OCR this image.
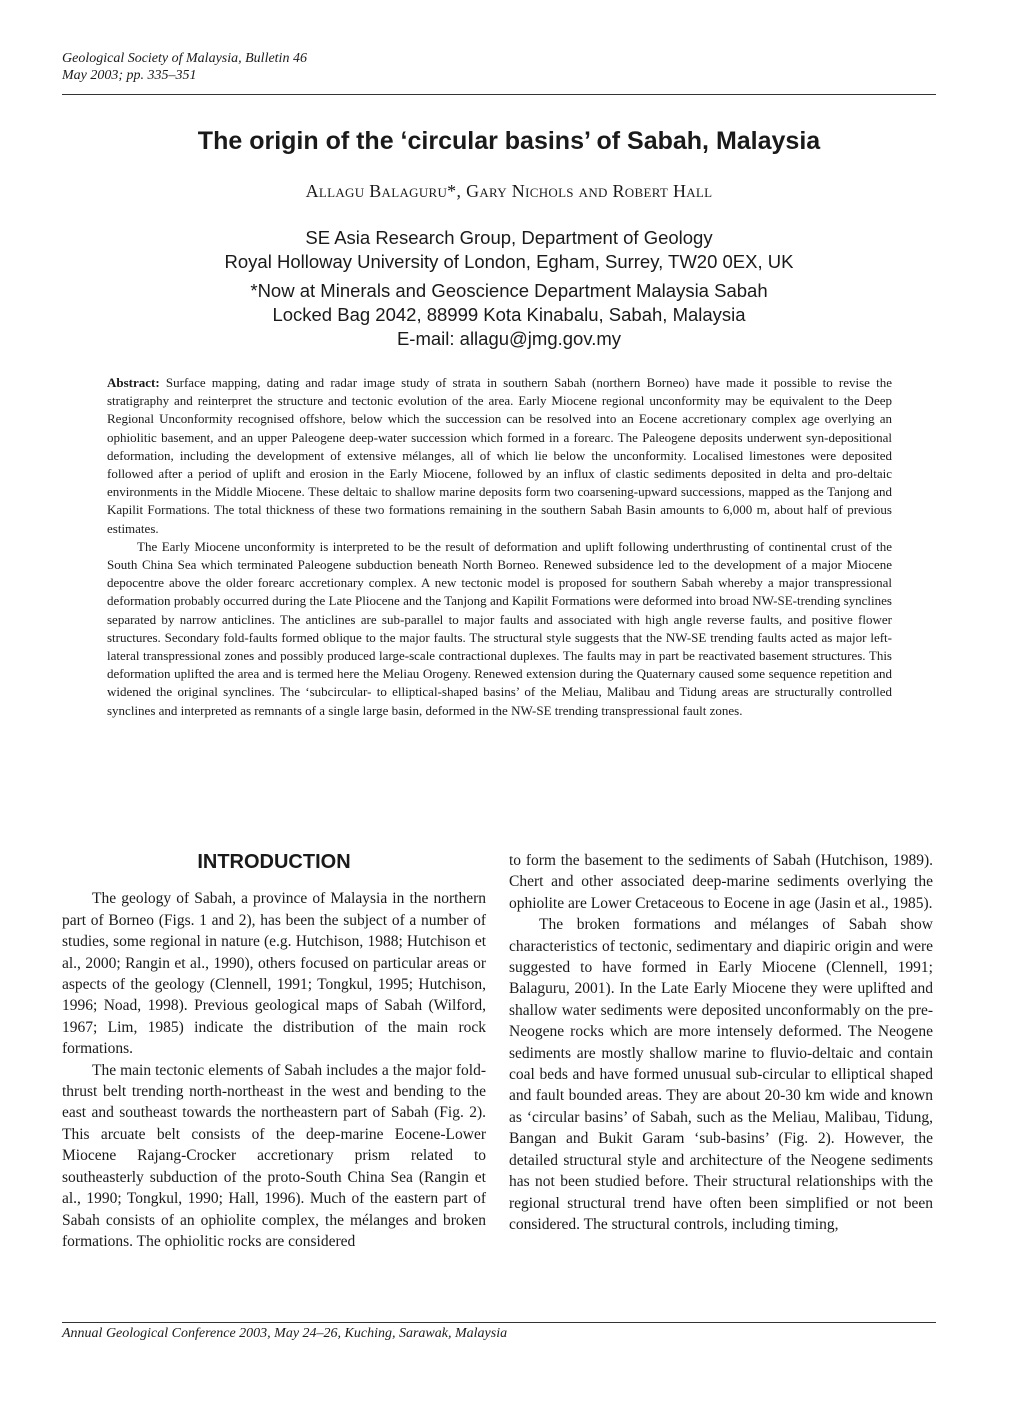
Geological Society of Malaysia, Bulletin 46
May 2003; pp. 335–351
The origin of the ‘circular basins’ of Sabah, Malaysia
Allagu Balaguru*, Gary Nichols and Robert Hall
SE Asia Research Group, Department of Geology
Royal Holloway University of London, Egham, Surrey, TW20 0EX, UK
*Now at Minerals and Geoscience Department Malaysia Sabah
Locked Bag 2042, 88999 Kota Kinabalu, Sabah, Malaysia
E-mail: allagu@jmg.gov.my

Abstract: Surface mapping, dating and radar image study of strata in southern Sabah (northern Borneo) have made it possible to revise the stratigraphy and reinterpret the structure and tectonic evolution of the area. Early Miocene regional unconformity may be equivalent to the Deep Regional Unconformity recognised offshore, below which the succession can be resolved into an Eocene accretionary complex age overlying an ophiolitic basement, and an upper Paleogene deep-water succession which formed in a forearc. The Paleogene deposits underwent syn-depositional deformation, including the development of extensive mélanges, all of which lie below the unconformity. Localised limestones were deposited followed after a period of uplift and erosion in the Early Miocene, followed by an influx of clastic sediments deposited in delta and pro-deltaic environments in the Middle Miocene. These deltaic to shallow marine deposits form two coarsening-upward successions, mapped as the Tanjong and Kapilit Formations. The total thickness of these two formations remaining in the southern Sabah Basin amounts to 6,000 m, about half of previous estimates.

The Early Miocene unconformity is interpreted to be the result of deformation and uplift following underthrusting of continental crust of the South China Sea which terminated Paleogene subduction beneath North Borneo. Renewed subsidence led to the development of a major Miocene depocentre above the older forearc accretionary complex. A new tectonic model is proposed for southern Sabah whereby a major transpressional deformation probably occurred during the Late Pliocene and the Tanjong and Kapilit Formations were deformed into broad NW-SE-trending synclines separated by narrow anticlines. The anticlines are sub-parallel to major faults and associated with high angle reverse faults, and positive flower structures. Secondary fold-faults formed oblique to the major faults. The structural style suggests that the NW-SE trending faults acted as major left-lateral transpressional zones and possibly produced large-scale contractional duplexes. The faults may in part be reactivated basement structures. This deformation uplifted the area and is termed here the Meliau Orogeny. Renewed extension during the Quaternary caused some sequence repetition and widened the original synclines. The ‘subcircular- to elliptical-shaped basins’ of the Meliau, Malibau and Tidung areas are structurally controlled synclines and interpreted as remnants of a single large basin, deformed in the NW-SE trending transpressional fault zones.

INTRODUCTION

The geology of Sabah, a province of Malaysia in the northern part of Borneo (Figs. 1 and 2), has been the subject of a number of studies, some regional in nature (e.g. Hutchison, 1988; Hutchison et al., 2000; Rangin et al., 1990), others focused on particular areas or aspects of the geology (Clennell, 1991; Tongkul, 1995; Hutchison, 1996; Noad, 1998). Previous geological maps of Sabah (Wilford, 1967; Lim, 1985) indicate the distribution of the main rock formations.

The main tectonic elements of Sabah includes a the major fold-thrust belt trending north-northeast in the west and bending to the east and southeast towards the northeastern part of Sabah (Fig. 2). This arcuate belt consists of the deep-marine Eocene-Lower Miocene Rajang-Crocker accretionary prism related to southeasterly subduction of the proto-South China Sea (Rangin et al., 1990; Tongkul, 1990; Hall, 1996). Much of the eastern part of Sabah consists of an ophiolite complex, the mélanges and broken formations. The ophiolitic rocks are considered

to form the basement to the sediments of Sabah (Hutchison, 1989). Chert and other associated deep-marine sediments overlying the ophiolite are Lower Cretaceous to Eocene in age (Jasin et al., 1985).

The broken formations and mélanges of Sabah show characteristics of tectonic, sedimentary and diapiric origin and were suggested to have formed in Early Miocene (Clennell, 1991; Balaguru, 2001). In the Late Early Miocene they were uplifted and shallow water sediments were deposited unconformably on the pre-Neogene rocks which are more intensely deformed. The Neogene sediments are mostly shallow marine to fluvio-deltaic and contain coal beds and have formed unusual sub-circular to elliptical shaped and fault bounded areas. They are about 20-30 km wide and known as ‘circular basins’ of Sabah, such as the Meliau, Malibau, Tidung, Bangan and Bukit Garam ‘sub-basins’ (Fig. 2). However, the detailed structural style and architecture of the Neogene sediments has not been studied before. Their structural relationships with the regional structural trend have often been simplified or not been considered. The structural controls, including timing,

Annual Geological Conference 2003, May 24–26, Kuching, Sarawak, Malaysia
